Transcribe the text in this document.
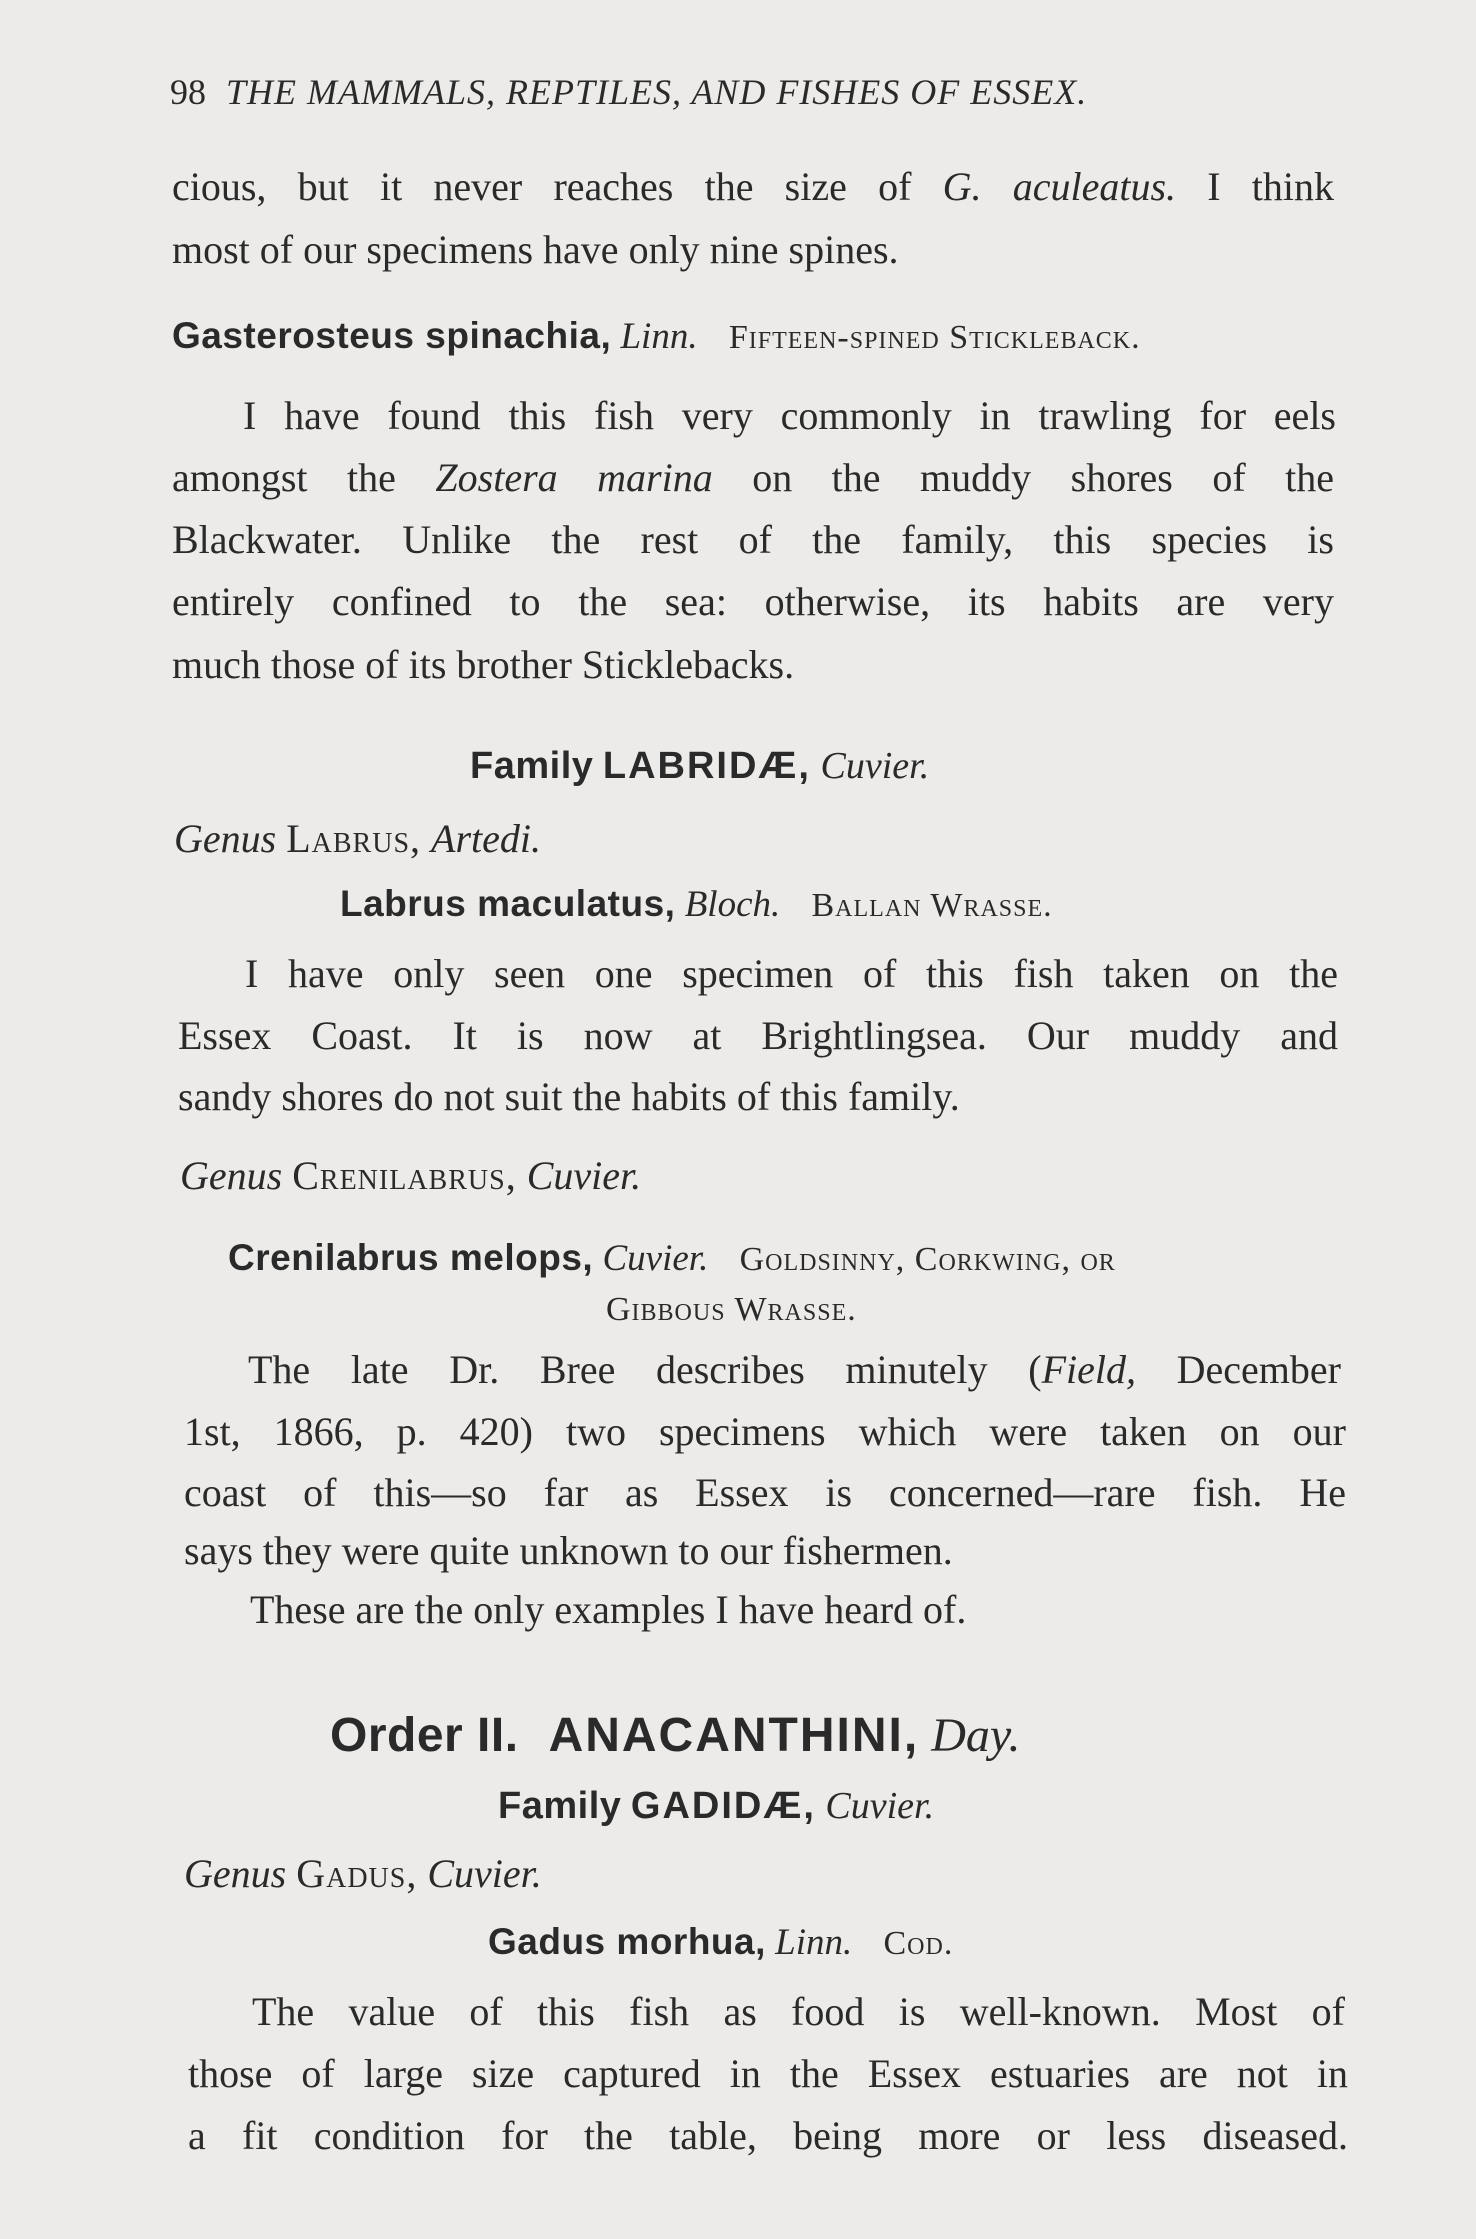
98 THE MAMMALS, REPTILES, AND FISHES OF ESSEX.
cious, but it never reaches the size of G. aculeatus. I think
most of our specimens have only nine spines.
Gasterosteus spinachia, Linn. Fifteen-spined Stickleback.
I have found this fish very commonly in trawling for eels
amongst the Zostera marina on the muddy shores of the
Blackwater. Unlike the rest of the family, this species is
entirely confined to the sea: otherwise, its habits are very
much those of its brother Sticklebacks.
Family LABRIDÆ, Cuvier.
Genus Labrus, Artedi.
Labrus maculatus, Bloch. Ballan Wrasse.
I have only seen one specimen of this fish taken on the
Essex Coast. It is now at Brightlingsea. Our muddy and
sandy shores do not suit the habits of this family.
Genus Crenilabrus, Cuvier.
Crenilabrus melops, Cuvier. Goldsinny, Corkwing, or
Gibbous Wrasse.
The late Dr. Bree describes minutely (Field, December
1st, 1866, p. 420) two specimens which were taken on our
coast of this—so far as Essex is concerned—rare fish. He
says they were quite unknown to our fishermen.
These are the only examples I have heard of.
Order II. ANACANTHINI, Day.
Family GADIDÆ, Cuvier.
Genus Gadus, Cuvier.
Gadus morhua, Linn. Cod.
The value of this fish as food is well-known. Most of
those of large size captured in the Essex estuaries are not in
a fit condition for the table, being more or less diseased.
